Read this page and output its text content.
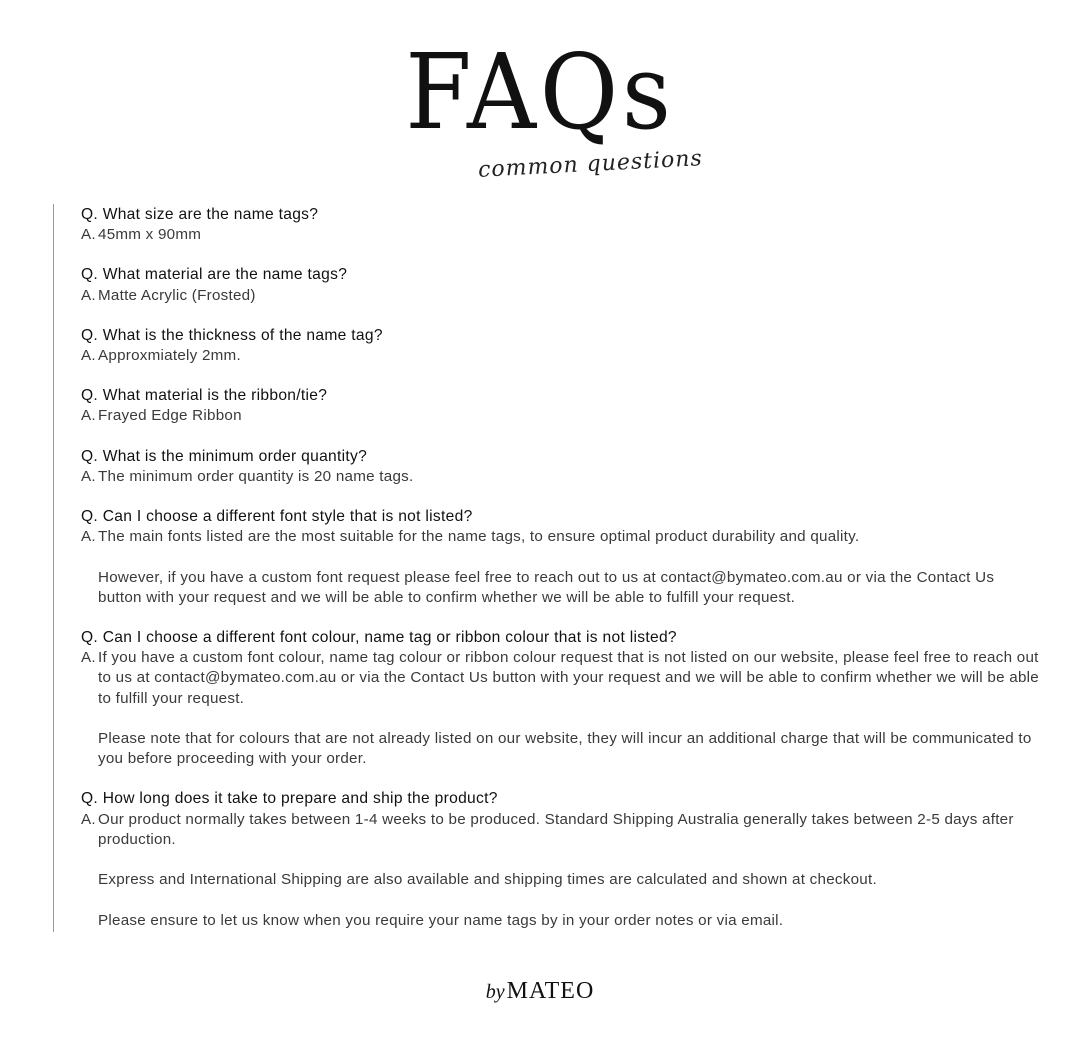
FAQs
common questions
Q. What size are the name tags?
A. 45mm x 90mm

Q. What material are the name tags?
A. Matte Acrylic (Frosted)

Q. What is the thickness of the name tag?
A. Approxmiately 2mm.

Q. What material is the ribbon/tie?
A. Frayed Edge Ribbon

Q. What is the minimum order quantity?
A. The minimum order quantity is 20 name tags.

Q. Can I choose a different font style that is not listed?
A. The main fonts listed are the most suitable for the name tags, to ensure optimal product durability and quality.

However, if you have a custom font request please feel free to reach out to us at contact@bymateo.com.au or via the Contact Us button with your request and we will be able to confirm whether we will be able to fulfill your request.

Q. Can I choose a different font colour, name tag or ribbon colour that is not listed?
A. If you have a custom font colour, name tag colour or ribbon colour request that is not listed on our website, please feel free to reach out to us at contact@bymateo.com.au or via the Contact Us button with your request and we will be able to confirm whether we will be able to fulfill your request.

Please note that for colours that are not already listed on our website, they will incur an additional charge that will be communicated to you before proceeding with your order.

Q. How long does it take to prepare and ship the product?
A. Our product normally takes between 1-4 weeks to be produced. Standard Shipping Australia generally takes between 2-5 days after production.

Express and International Shipping are also available and shipping times are calculated and shown at checkout.

Please ensure to let us know when you require your name tags by in your order notes or via email.

byMATEO
